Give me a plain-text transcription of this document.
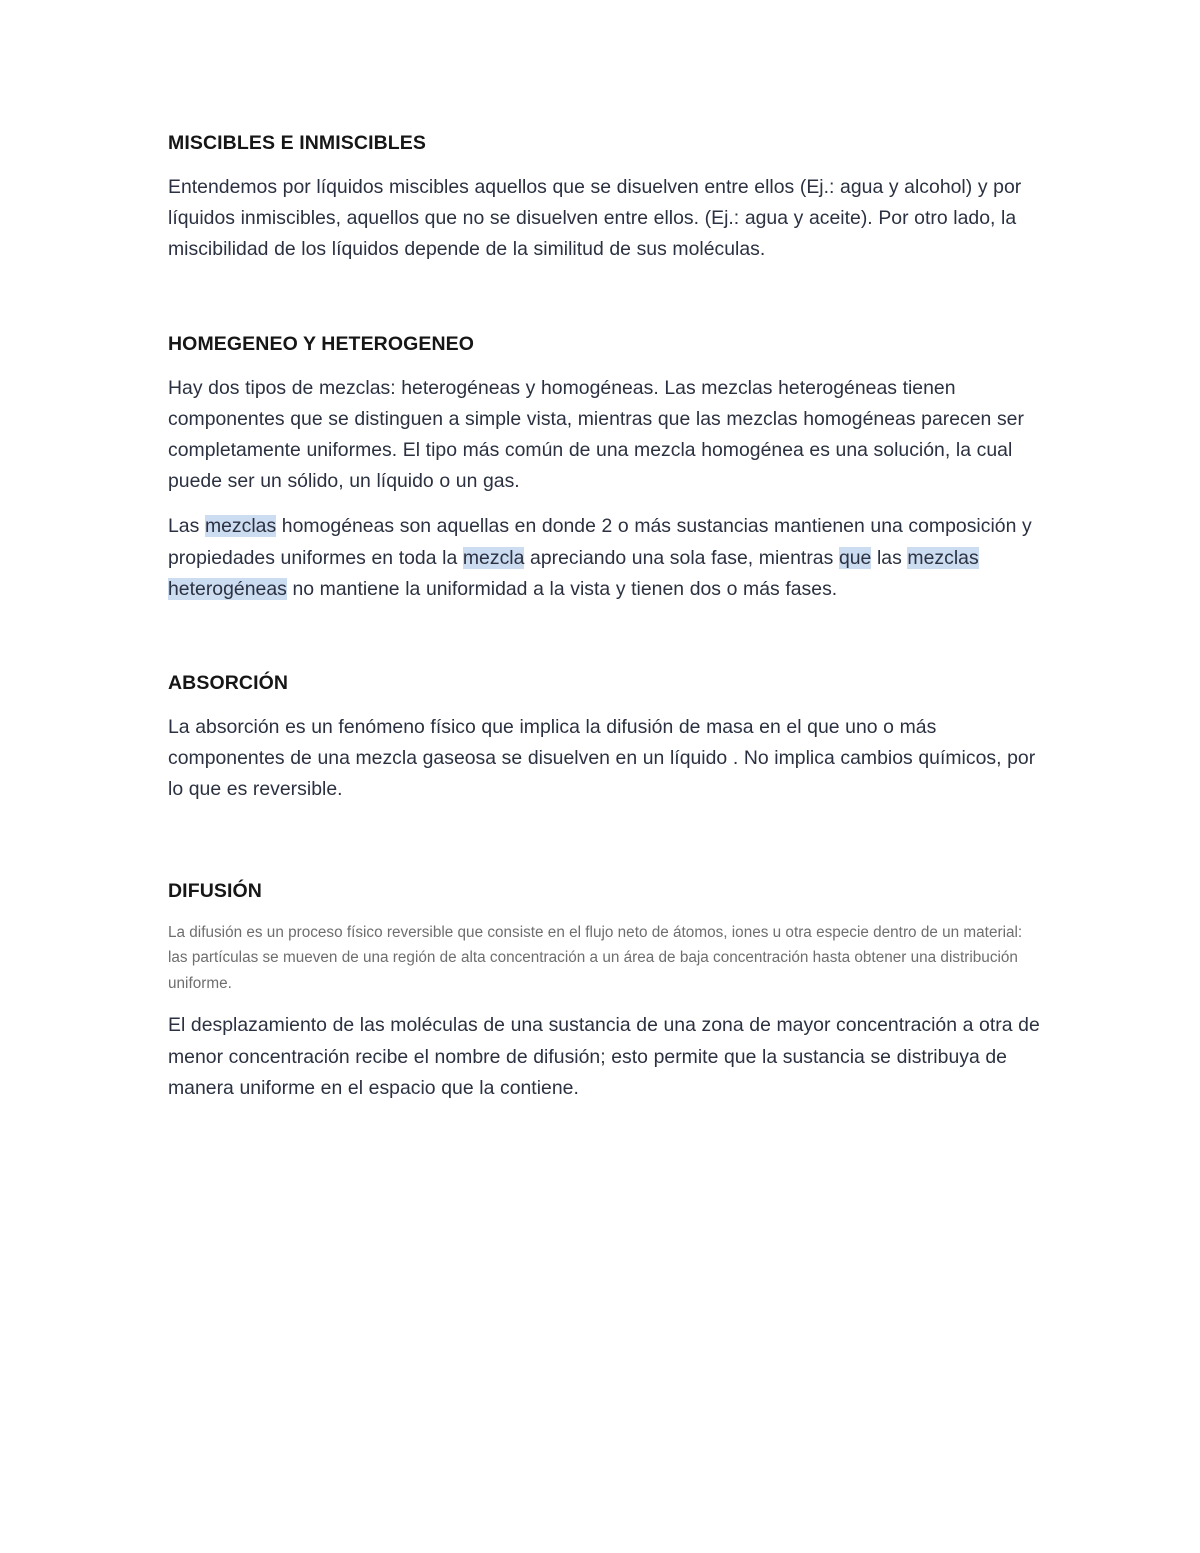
MISCIBLES E INMISCIBLES

Entendemos por líquidos miscibles aquellos que se disuelven entre ellos (Ej.: agua y alcohol) y por líquidos inmiscibles, aquellos que no se disuelven entre ellos. (Ej.: agua y aceite). Por otro lado, la miscibilidad de los líquidos depende de la similitud de sus moléculas.

HOMEGENEO Y HETEROGENEO

Hay dos tipos de mezclas: heterogéneas y homogéneas. Las mezclas heterogéneas tienen componentes que se distinguen a simple vista, mientras que las mezclas homogéneas parecen ser completamente uniformes. El tipo más común de una mezcla homogénea es una solución, la cual puede ser un sólido, un líquido o un gas.

Las mezclas homogéneas son aquellas en donde 2 o más sustancias mantienen una composición y propiedades uniformes en toda la mezcla apreciando una sola fase, mientras que las mezclas heterogéneas no mantiene la uniformidad a la vista y tienen dos o más fases.

ABSORCIÓN

La absorción es un fenómeno físico que implica la difusión de masa en el que uno o más componentes de una mezcla gaseosa se disuelven en un líquido . No implica cambios químicos, por lo que es reversible.

DIFUSIÓN

La difusión es un proceso físico reversible que consiste en el flujo neto de átomos, iones u otra especie dentro de un material: las partículas se mueven de una región de alta concentración a un área de baja concentración hasta obtener una distribución uniforme.

El desplazamiento de las moléculas de una sustancia de una zona de mayor concentración a otra de menor concentración recibe el nombre de difusión; esto permite que la sustancia se distribuya de manera uniforme en el espacio que la contiene.
